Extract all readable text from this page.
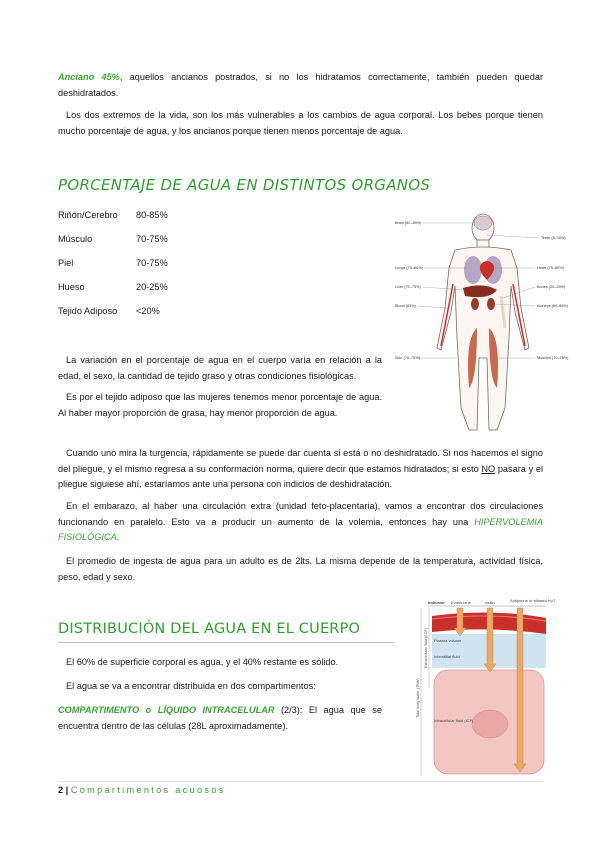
Anciano 45%, aquellos ancianos postrados, si no los hidratamos correctamente, también pueden quedar deshidratados.

Los dos extremos de la vida, son los más vulnerables a los cambios de agua corporal. Los bebes porque tienen mucho porcentaje de agua, y los ancianos porque tienen menos porcentaje de agua.

PORCENTAJE DE AGUA EN DISTINTOS ORGANOS
Riñón/Cerebro 80-85%
Músculo	70-75%
Piel	70-75%
Hueso	20-25%
Tejido Adiposo <20%

La variación en el porcentaje de agua en el cuerpo varía en relación a la edad, el sexo, la cantidad de tejido graso y otras condiciones fisiológicas.

Es por el tejido adiposo que las mujeres tenemos menor porcentaje de agua. Al haber mayor proporción de grasa, hay menor proporción de agua.

Cuando uno mira la turgencia, rápidamente se puede dar cuenta si está o no deshidratado. Si nos hacemos el signo del pliegue, y el mismo regresa a su conformación norma, quiere decir que estamos hidratados; si esto NO pasara y el pliegue siguiese ahí, estaríamos ante una persona con indicios de deshidratación.

En el embarazo, al haber una circulación extra (unidad feto-placentaria), vamos a encontrar dos circulaciones funcionando en paralelo. Esto va a producir un aumento de la volemia, entonces hay una HIPERVOLEMIA FISIOLÓGICA.

El promedio de ingesta de agua para un adulto es de 2lts. La misma depende de la temperatura, actividad física, peso, edad y sexo.

Brain (80–85%)
Lungs (75–80%)
Liver (70–75%)
Blood (83%)
Skin (70–75%)
Teeth (8–10%)
Heart (75–80%)
Bones (20–25%)
Kidneys (80–85%)
Muscles (70–75%)
DISTRIBUCIÓN DEL AGUA EN EL CUERPO

El 60% de superficie corporal es agua, y el 40% restante es sólido.

El agua se va a encontrar distribuida en dos compartimentos:

COMPARTIMENTO o LÍQUIDO INTRACELULAR (2/3): El agua que se encuentra dentro de las células (28L aproximadamente).

Indicator Evans blue	Inulin	Antipyrine or tritiated H₂O
Total body water (TBW)
Extracellular fluid (ECF) Plasma volume
Interstitial fluid
Intracellular fluid (ICF)
2 | Compartimentos acuosos
